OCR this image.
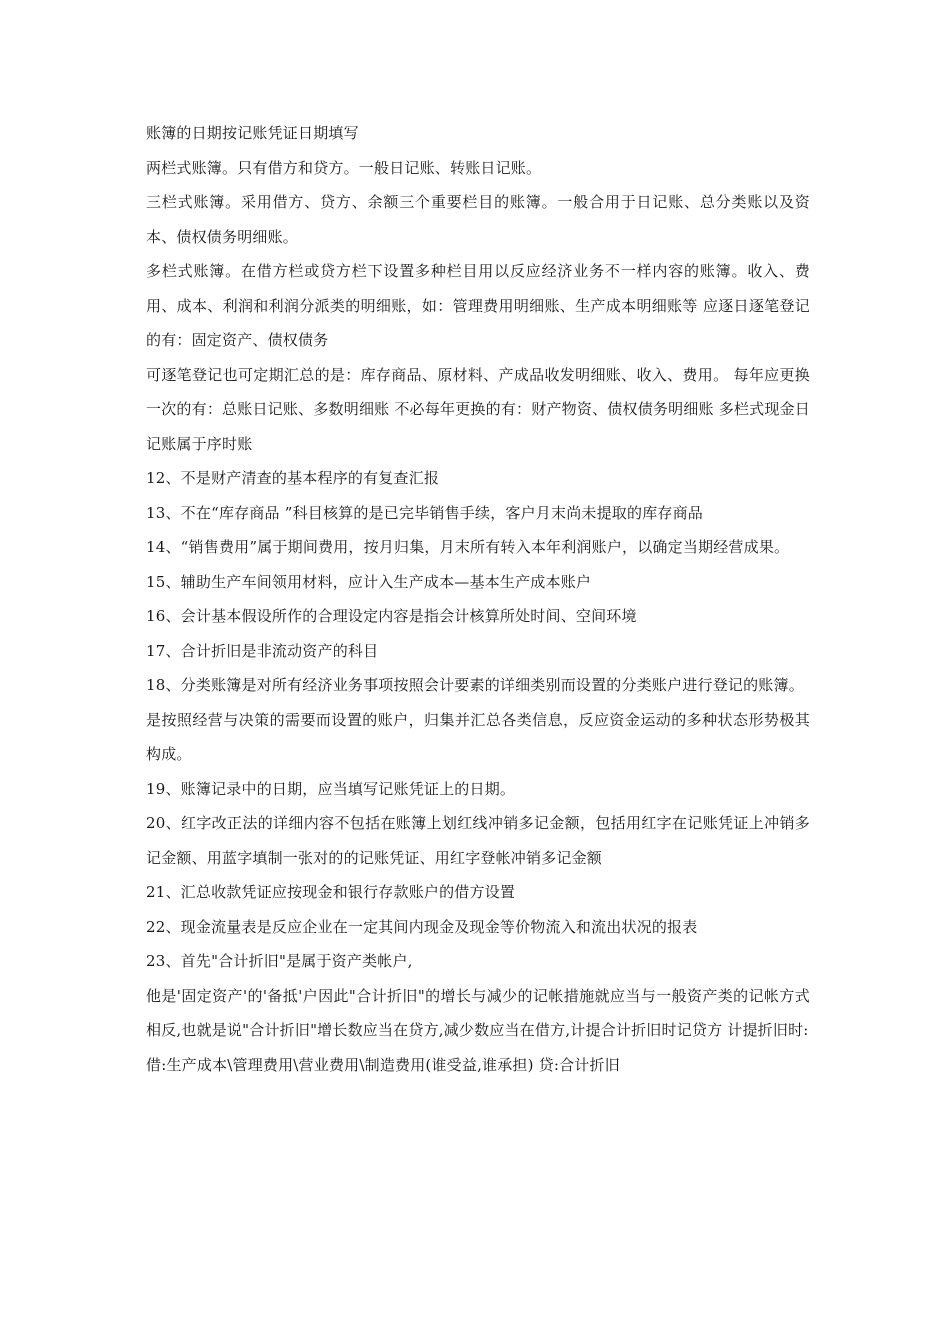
账簿的日期按记账凭证日期填写

两栏式账簿。只有借方和贷方。一般日记账、转账日记账。

三栏式账簿。采用借方、贷方、余额三个重要栏目的账簿。一般合用于日记账、总分类账以及资本、债权债务明细账。

多栏式账簿。在借方栏或贷方栏下设置多种栏目用以反应经济业务不一样内容的账簿。收入、费用、成本、利润和利润分派类的明细账，如：管理费用明细账、生产成本明细账等 应逐日逐笔登记的有：固定资产、债权债务

可逐笔登记也可定期汇总的是：库存商品、原材料、产成品收发明细账、收入、费用。 每年应更换一次的有：总账日记账、多数明细账 不必每年更换的有：财产物资、债权债务明细账 多栏式现金日记账属于序时账

12、不是财产清查的基本程序的有复查汇报

13、不在“库存商品 ”科目核算的是已完毕销售手续，客户月末尚未提取的库存商品

14、“销售费用”属于期间费用，按月归集，月末所有转入本年利润账户，以确定当期经营成果。

15、辅助生产车间领用材料，应计入生产成本—基本生产成本账户

16、会计基本假设所作的合理设定内容是指会计核算所处时间、空间环境

17、合计折旧是非流动资产的科目

18、分类账簿是对所有经济业务事项按照会计要素的详细类别而设置的分类账户进行登记的账簿。

是按照经营与决策的需要而设置的账户，归集并汇总各类信息，反应资金运动的多种状态形势极其构成。

19、账簿记录中的日期，应当填写记账凭证上的日期。

20、红字改正法的详细内容不包括在账簿上划红线冲销多记金额，包括用红字在记账凭证上冲销多记金额、用蓝字填制一张对的的记账凭证、用红字登帐冲销多记金额

21、汇总收款凭证应按现金和银行存款账户的借方设置

22、现金流量表是反应企业在一定其间内现金及现金等价物流入和流出状况的报表

23、首先"合计折旧"是属于资产类帐户,

他是'固定资产'的'备抵'户因此"合计折旧"的增长与减少的记帐措施就应当与一般资产类的记帐方式相反,也就是说"合计折旧"增长数应当在贷方,减少数应当在借方,计提合计折旧时记贷方 计提折旧时:

借:生产成本\管理费用\营业费用\制造费用(谁受益,谁承担) 贷:合计折旧
